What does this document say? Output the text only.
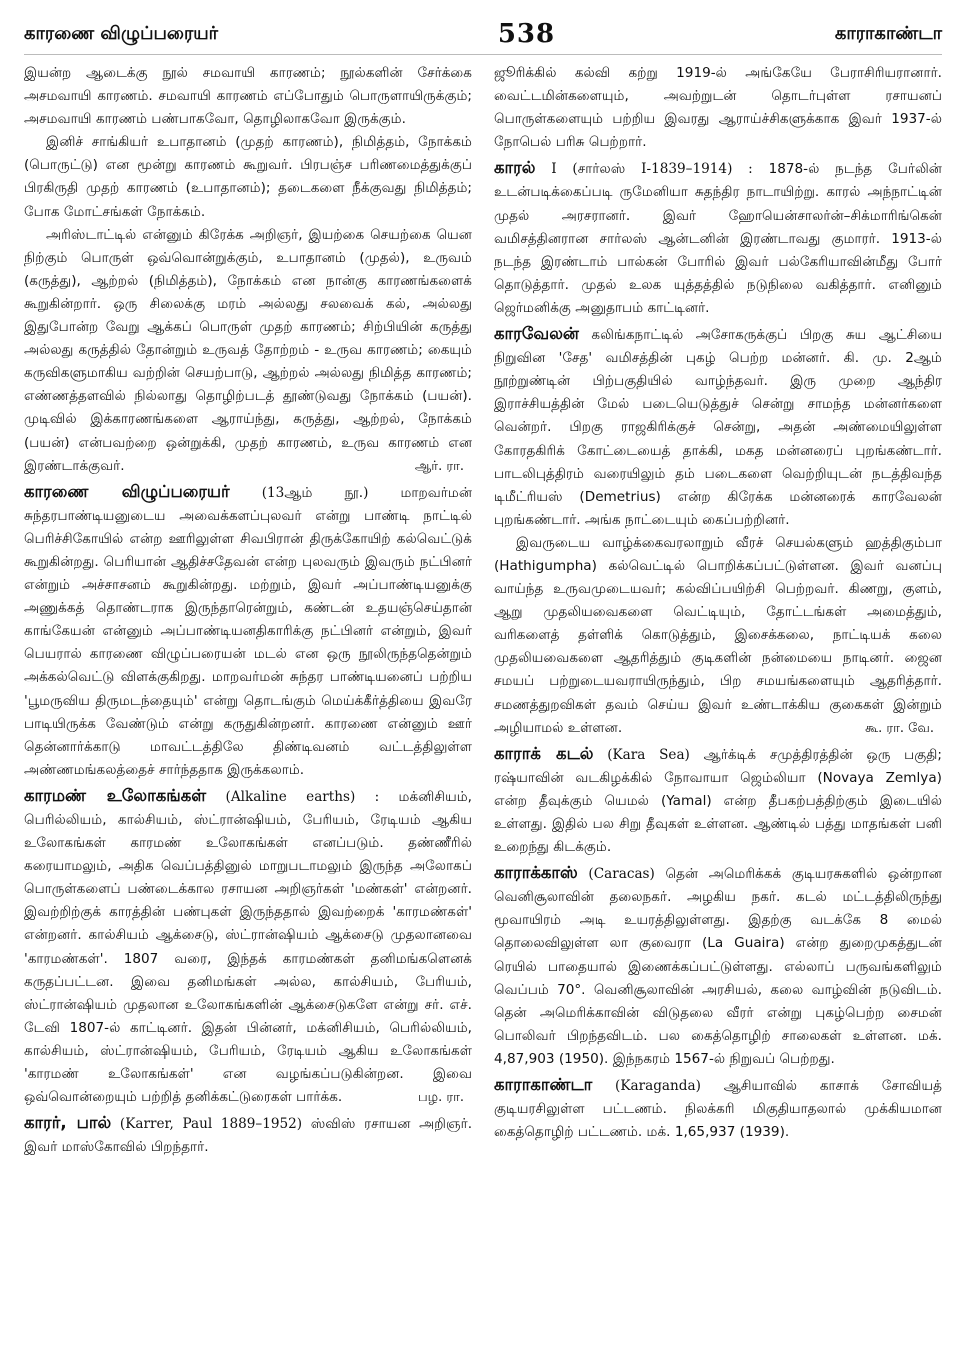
காரணை விழுப்பரையர்	538	காராகாண்டா

இயன்ற ஆடைக்கு நூல் சமவாயி காரணம்; நூல்களின் சேர்க்கை அசமவாயி காரணம். சமவாயி காரணம் எப்போதும் பொருளாயிருக்கும்; அசமவாயி காரணம் பண்பாகவோ, தொழிலாகவோ இருக்கும்.

இனிச் சாங்கியர் உபாதானம் (முதற் காரணம்), நிமித்தம், நோக்கம் (பொருட்டு) என மூன்று காரணம் கூறுவர். பிரபஞ்ச பரிணமைத்துக்குப் பிரகிருதி முதற் காரணம் (உபாதானம்); தடைகளை நீக்குவது நிமித்தம்; போக மோட்சங்கள் நோக்கம்.

அரிஸ்டாட்டில் என்னும் கிரேக்க அறிஞர், இயற்கை செயற்கை யென நிற்கும் பொருள் ஒவ்வொன்றுக்கும், உபாதானம் (முதல்), உருவம் (கருத்து), ஆற்றல் (நிமித்தம்), நோக்கம் என நான்கு காரணங்களைக் கூறுகின்றார். ஒரு சிலைக்கு மரம் அல்லது சலவைக் கல், அல்லது இதுபோன்ற வேறு ஆக்கப் பொருள் முதற் காரணம்; சிற்பியின் கருத்து அல்லது கருத்தில் தோன்றும் உருவத் தோற்றம் - உருவ காரணம்; கையும் கருவிகளுமாகிய வற்றின் செயற்பாடு, ஆற்றல் அல்லது நிமித்த காரணம்; எண்ணத்தளவில் நில்லாது தொழிற்படத் தூண்டுவது நோக்கம் (பயன்). முடிவில் இக்காரணங்களை ஆராய்ந்து, கருத்து, ஆற்றல், நோக்கம் (பயன்) என்பவற்றை ஒன்றுக்கி, முதற் காரணம், உருவ காரணம் என இரண்டாக்குவர்.	ஆர். ரா.

காரணை விழுப்பரையர் (13ஆம் நூ.) மாறவர்மன் சுந்தரபாண்டியனுடைய அவைக்களப்புலவர் என்று பாண்டி நாட்டில் பெரிச்சிகோயில் என்ற ஊரிலுள்ள சிவபிரான் திருக்கோயிற் கல்வெட்டுக் கூறுகின்றது. பெரியான் ஆதிச்சதேவன் என்ற புலவரும் இவரும் நட்பினர் என்றும் அச்சாசனம் கூறுகின்றது. மற்றும், இவர் அப்பாண்டியனுக்கு அணுக்கத் தொண்டராக இருந்தாரென்றும், கண்டன் உதயஞ்செய்தான் காங்கேயன் என்னும் அப்பாண்டியனதிகாரிக்கு நட்பினர் என்றும், இவர் பெயரால் காரணை விழுப்பரையன் மடல் என ஒரு நூலிருந்ததென்றும் அக்கல்வெட்டு விளக்குகிறது. மாறவர்மன் சுந்தர பாண்டியனைப் பற்றிய 'பூமருவிய திருமடந்தையும்' என்று தொடங்கும் மெய்க்கீர்த்தியை இவரே பாடியிருக்க வேண்டும் என்று கருதுகின்றனர். காரணை என்னும் ஊர் தென்னார்க்காடு மாவட்டத்திலே திண்டிவனம் வட்டத்திலுள்ள அண்ணமங்கலத்தைச் சார்ந்ததாக இருக்கலாம்.

காரமண் உலோகங்கள் (Alkaline earths) : மக்னிசியம், பெரில்லியம், கால்சியம், ஸ்ட்ரான்ஷியம், பேரியம், ரேடியம் ஆகிய உலோகங்கள் காரமண் உலோகங்கள் எனப்படும். தண்ணீரில் கரையாமலும், அதிக வெப்பத்தினுல் மாறுபடாமலும் இருந்த அலோகப் பொருள்களைப் பண்டைக்கால ரசாயன அறிஞர்கள் 'மண்கள்' என்றனர். இவற்றிற்குக் காரத்தின் பண்புகள் இருந்ததால் இவற்றைக் 'காரமண்கள்' என்றனர். கால்சியம் ஆக்சைடு, ஸ்ட்ரான்ஷியம் ஆக்சைடு முதலானவை 'காரமண்கள்'. 1807 வரை, இந்தக் காரமண்கள் தனிமங்களெனக் கருதப்பட்டன. இவை தனிமங்கள் அல்ல, கால்சியம், பேரியம், ஸ்ட்ரான்ஷியம் முதலான உலோகங்களின் ஆக்சைடுகளே என்று சர். எச். டேவி 1807-ல் காட்டினர். இதன் பின்னர், மக்னிசியம், பெரில்லியம், கால்சியம், ஸ்ட்ரான்ஷியம், பேரியம், ரேடியம் ஆகிய உலோகங்கள் 'காரமண் உலோகங்கள்' என வழங்கப்படுகின்றன. இவை ஒவ்வொன்றையும் பற்றித் தனிக்கட்டுரைகள் பார்க்க.	பழ. ரா.

காரர், பால் (Karrer, Paul 1889–1952) ஸ்விஸ் ரசாயன அறிஞர். இவர் மாஸ்கோவில் பிறந்தார்.

ஜூரிக்கில் கல்வி கற்று 1919-ல் அங்கேயே பேராசிரியரானார். வைட்டமின்களையும், அவற்றுடன் தொடர்புள்ள ரசாயனப் பொருள்களையும் பற்றிய இவரது ஆராய்ச்சிகளுக்காக இவர் 1937-ல் நோபெல் பரிசு பெற்றார்.

காரல் I (சார்லஸ் I-1839–1914) : 1878-ல் நடந்த பேர்லின் உடன்படிக்கைப்படி ருமேனியா சுதந்திர நாடாயிற்று. காரல் அந்நாட்டின் முதல் அரசரானர். இவர் ஹோயென்சாலர்ன்–சிக்மாரிங்கென் வமிசத்தினரான சார்லஸ் ஆன்டனின் இரண்டாவது குமாரர். 1913-ல் நடந்த இரண்டாம் பால்கன் போரில் இவர் பல்கேரியாவின்மீது போர் தொடுத்தார். முதல் உலக யுத்தத்தில் நடுநிலை வகித்தார். எனினும் ஜெர்மனிக்கு அனுதாபம் காட்டினர்.

காரவேலன் கலிங்கநாட்டில் அசோகருக்குப் பிறகு சுய ஆட்சியை நிறுவின 'சேத' வமிசத்தின் புகழ் பெற்ற மன்னர். கி. மு. 2ஆம் நூற்றுண்டின் பிற்பகுதியில் வாழ்ந்தவர். இரு முறை ஆந்திர இராச்சியத்தின் மேல் படையெடுத்துச் சென்று சாமந்த மன்னர்களை வென்றர். பிறகு ராஜகிரிக்குச் சென்று, அதன் அண்மையிலுள்ள கோரதகிரிக் கோட்டையைத் தாக்கி, மகத மன்னரைப் புறங்கண்டார். பாடலிபுத்திரம் வரையிலும் தம் படைகளை வெற்றியுடன் நடத்திவந்த டிமீட்ரியஸ் (Demetrius) என்ற கிரேக்க மன்னரைக் காரவேலன் புறங்கண்டார். அங்க நாட்டையும் கைப்பற்றினர்.

இவருடைய வாழ்க்கைவரலாறும் வீரச் செயல்களும் ஹத்திகும்பா (Hathigumpha) கல்வெட்டில் பொறிக்கப்பட்டுள்ளன. இவர் வனப்பு வாய்ந்த உருவமுடையவர்; கல்விப்பயிற்சி பெற்றவர். கிணறு, குளம், ஆறு முதலியவைகளை வெட்டியும், தோட்டங்கள் அமைத்தும், வரிகளைத் தள்ளிக் கொடுத்தும், இசைக்கலை, நாட்டியக் கலை முதலியவைகளை ஆதரித்தும் குடிகளின் நன்மையை நாடினர். ஜைன சமயப் பற்றுடையவராயிருந்தும், பிற சமயங்களையும் ஆதரித்தார். சமணத்துறவிகள் தவம் செய்ய இவர் உண்டாக்கிய குகைகள் இன்றும் அழியாமல் உள்ளன.	கூ. ரா. வே.

காராக் கடல் (Kara Sea) ஆர்க்டிக் சமுத்திரத்தின் ஒரு பகுதி; ரஷ்யாவின் வடகிழக்கில் நோவாயா ஜெம்லியா (Novaya Zemlya) என்ற தீவுக்கும் யெமல் (Yamal) என்ற தீபகற்பத்திற்கும் இடையில் உள்ளது. இதில் பல சிறு தீவுகள் உள்ளன. ஆண்டில் பத்து மாதங்கள் பனி உறைந்து கிடக்கும்.

காராக்காஸ் (Caracas) தென் அமெரிக்கக் குடியரசுகளில் ஒன்றான வெனிசூலாவின் தலைநகர். அழகிய நகர். கடல் மட்டத்திலிருந்து மூவாயிரம் அடி உயரத்திலுள்ளது. இதற்கு வடக்கே 8 மைல் தொலைவிலுள்ள லா குவைரா (La Guaira) என்ற துறைமுகத்துடன் ரெயில் பாதையால் இணைக்கப்பட்டுள்ளது. எல்லாப் பருவங்களிலும் வெப்பம் 70°. வெனிசூலாவின் அரசியல், கலை வாழ்வின் நடுவிடம். தென் அமெரிக்காவின் விடுதலை வீரர் என்று புகழ்பெற்ற சைமன் பொலிவர் பிறந்தவிடம். பல கைத்தொழிற் சாலைகள் உள்ளன. மக். 4,87,903 (1950). இந்நகரம் 1567-ல் நிறுவப் பெற்றது.

காராகாண்டா (Karaganda) ஆசியாவில் காசாக் சோவியத் குடியரசிலுள்ள பட்டணம். நிலக்கரி மிகுதியாதலால் முக்கியமான கைத்தொழிற் பட்டணம். மக். 1,65,937 (1939).
